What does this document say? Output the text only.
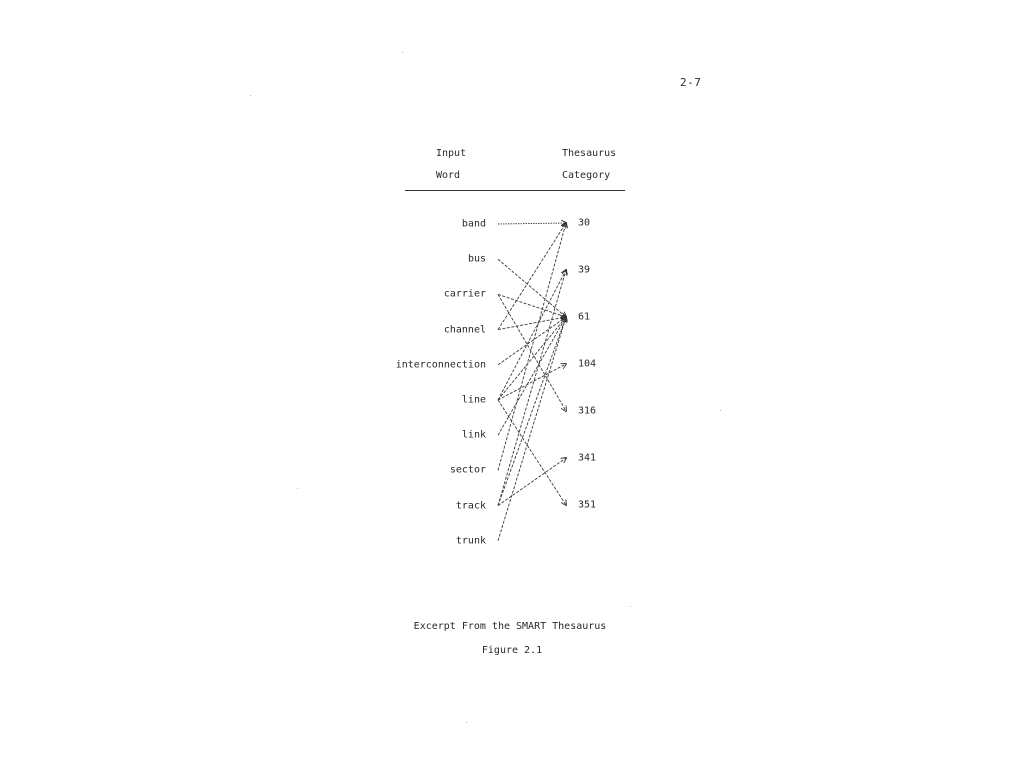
2-7
Input
Word
Thesaurus
Category
band
bus
carrier
channel
interconnection
line
link
sector
track
trunk
30
39
61
104
316
341
351
Excerpt From the SMART Thesaurus
Figure 2.1
